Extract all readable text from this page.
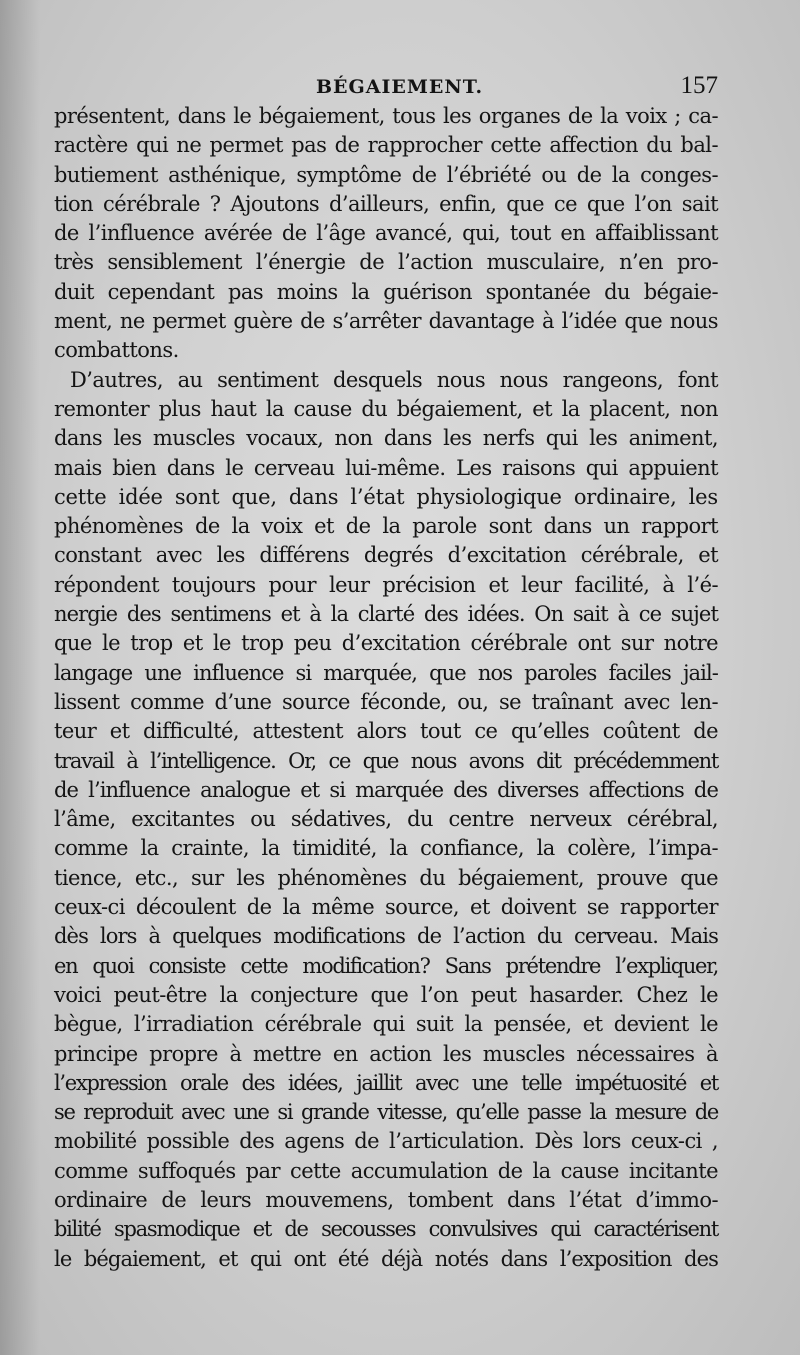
BÉGAIEMENT.	157
présentent, dans le bégaiement, tous les organes de la voix ; ca-
ractère qui ne permet pas de rapprocher cette affection du bal-
butiement asthénique, symptôme de l’ébriété ou de la conges-
tion cérébrale ? Ajoutons d’ailleurs, enfin, que ce que l’on sait
de l’influence avérée de l’âge avancé, qui, tout en affaiblissant
très sensiblement l’énergie de l’action musculaire, n’en pro-
duit cependant pas moins la guérison spontanée du bégaie-
ment, ne permet guère de s’arrêter davantage à l’idée que nous
combattons.
D’autres, au sentiment desquels nous nous rangeons, font
remonter plus haut la cause du bégaiement, et la placent, non
dans les muscles vocaux, non dans les nerfs qui les animent,
mais bien dans le cerveau lui-même. Les raisons qui appuient
cette idée sont que, dans l’état physiologique ordinaire, les
phénomènes de la voix et de la parole sont dans un rapport
constant avec les différens degrés d’excitation cérébrale, et
répondent toujours pour leur précision et leur facilité, à l’é-
nergie des sentimens et à la clarté des idées. On sait à ce sujet
que le trop et le trop peu d’excitation cérébrale ont sur notre
langage une influence si marquée, que nos paroles faciles jail-
lissent comme d’une source féconde, ou, se traînant avec len-
teur et difficulté, attestent alors tout ce qu’elles coûtent de
travail à l’intelligence. Or, ce que nous avons dit précédemment
de l’influence analogue et si marquée des diverses affections de
l’âme, excitantes ou sédatives, du centre nerveux cérébral,
comme la crainte, la timidité, la confiance, la colère, l’impa-
tience, etc., sur les phénomènes du bégaiement, prouve que
ceux-ci découlent de la même source, et doivent se rapporter
dès lors à quelques modifications de l’action du cerveau. Mais
en quoi consiste cette modification? Sans prétendre l’expliquer,
voici peut-être la conjecture que l’on peut hasarder. Chez le
bègue, l’irradiation cérébrale qui suit la pensée, et devient le
principe propre à mettre en action les muscles nécessaires à
l’expression orale des idées, jaillit avec une telle impétuosité et
se reproduit avec une si grande vitesse, qu’elle passe la mesure de
mobilité possible des agens de l’articulation. Dès lors ceux-ci ,
comme suffoqués par cette accumulation de la cause incitante
ordinaire de leurs mouvemens, tombent dans l’état d’immo-
bilité spasmodique et de secousses convulsives qui caractérisent
le bégaiement, et qui ont été déjà notés dans l’exposition des
